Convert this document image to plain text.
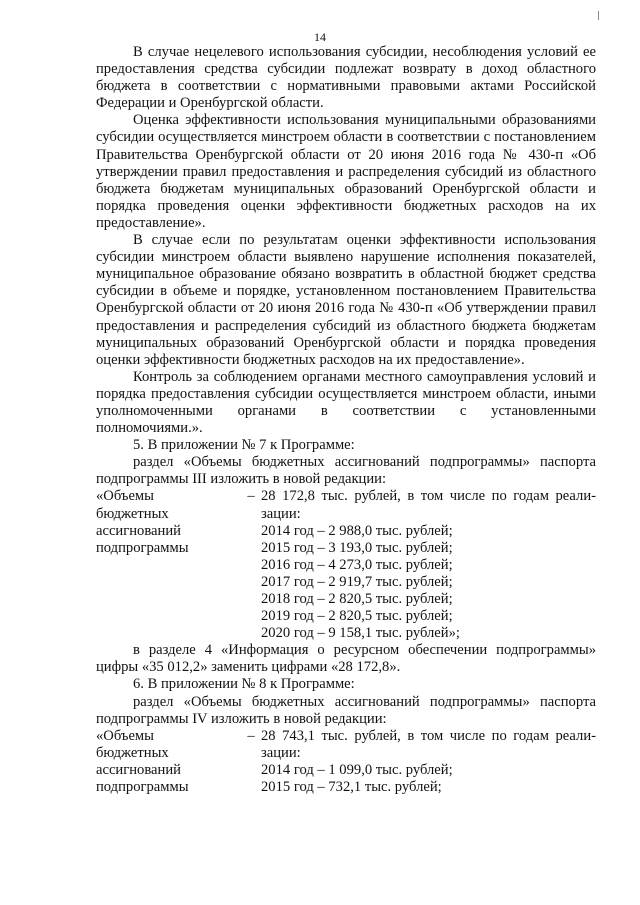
14

В случае нецелевого использования субсидии, несоблюдения условий ее предоставления средства субсидии подлежат возврату в доход областного бюджета в соответствии с нормативными правовыми актами Российской Федерации и Оренбургской области.

Оценка эффективности использования муниципальными образованиями субсидии осуществляется минстроем области в соответствии с постановлением Правительства Оренбургской области от 20 июня 2016 года № 430-п «Об утверждении правил предоставления и распределения субсидий из областного бюджета бюджетам муниципальных образований Оренбургской области и порядка проведения оценки эффективности бюджетных расходов на их предоставление».

В случае если по результатам оценки эффективности использования субсидии минстроем области выявлено нарушение исполнения показателей, муниципальное образование обязано возвратить в областной бюджет средства субсидии в объеме и порядке, установленном постановлением Правительства Оренбургской области от 20 июня 2016 года № 430-п «Об утверждении правил предоставления и распределения субсидий из областного бюджета бюджетам муниципальных образований Оренбургской области и порядка проведения оценки эффективности бюджетных расходов на их предоставление».

Контроль за соблюдением органами местного самоуправления условий и порядка предоставления субсидии осуществляется минстроем области, иными уполномоченными органами в соответствии с установленными полномочиями.».

5. В приложении № 7 к Программе:

раздел «Объемы бюджетных ассигнований подпрограммы» паспорта подпрограммы III изложить в новой редакции:

«Объемы
бюджетных
ассигнований
подпрограммы
– 28 172,8 тыс. рублей, в том числе по годам реали-
зации:
2014 год – 2 988,0 тыс. рублей;
2015 год – 3 193,0 тыс. рублей;
2016 год – 4 273,0 тыс. рублей;
2017 год – 2 919,7 тыс. рублей;
2018 год – 2 820,5 тыс. рублей;
2019 год – 2 820,5 тыс. рублей;
2020 год – 9 158,1 тыс. рублей»;

в разделе 4 «Информация о ресурсном обеспечении подпрограммы» цифры «35 012,2» заменить цифрами «28 172,8».

6. В приложении № 8 к Программе:

раздел «Объемы бюджетных ассигнований подпрограммы» паспорта подпрограммы IV изложить в новой редакции:

«Объемы
бюджетных
ассигнований
подпрограммы
– 28 743,1 тыс. рублей, в том числе по годам реали-
зации:
2014 год – 1 099,0 тыс. рублей;
2015 год – 732,1 тыс. рублей;
